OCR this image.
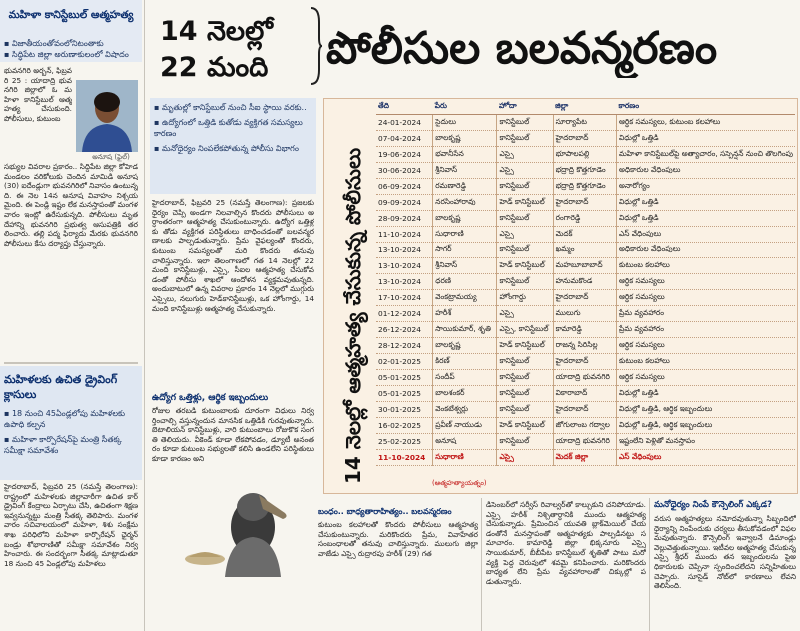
మహిళా కానిస్టేబుల్ ఆత్మహత్య
▪ విజాతీయంతోవంలోనిటంతాకు
▪ సిద్ధిపేట జిల్లా అరుణాకులంలో విషాదం
భువనగిరి అర్బన్, ఫిబ్రవరి 25 : యాదాద్రి భువనగిరి జిల్లాలో ఓ మహిళా కానిస్టేబుల్ ఆత్మహత్య చేసుకుంది. పోలీసులు, కుటుంబ
అనూష (ఫైల్)
సభ్యుల వివరాల ప్రకారం.. సిద్దిపేట జిల్లా కోహెడ మండలం వరికోలుకు చెందిన మామిడి అనూష (30) ఐదేండ్లుగా భువనగిరిలో నివాసం ఉంటున్నది. ఈ నెల 14న అనూష వివాహం నిశ్చయమైంది. ఈ పెండ్లి ఇష్టం లేక మనస్తాపంతో మంగళవారం ఇంట్లో ఉరేసుకున్నది. పోలీసులు మృతదేహాన్ని భువనగిరి ప్రభుత్వ ఆసుపత్రికి తరలించారు. తల్లి పద్మ ఫిర్యాదు మేరకు భువనగిరి పోలీసులు కేసు దర్యాప్తు చేస్తున్నారు.
మహిళలకు ఉచిత డ్రైవింగ్ క్లాసులు
▪ 18 నుంచి 45ఏండ్లలోపు మహిళలకు ఉపాధి కల్పన
▪ మహిళా కార్పొరేషన్‌పై మంత్రి సీతక్క సమీక్షా సమావేశం
హైదరాబాద్, ఫిబ్రవరి 25 (నమస్తే తెలంగాణ): రాష్ట్రంలో మహిళలకు జిల్లావారీగా ఉచిత కార్ డ్రైవింగ్ కేంద్రాలు ఏర్పాటు చేసి, ఉచితంగా శిక్షణ ఇవ్వనున్నట్టు మంత్రి సీతక్క తెలిపారు. మంగళవారం సచివాలయంలో మహిళా, శిశు సంక్షేమ శాఖ పరిధిలోని మహిళా కార్పొరేషన్ ఛైర్మన్ బండ్రు శోభారాణితో సమీక్షా సమావేశం నిర్వహించారు. ఈ సందర్భంగా సీతక్క మాట్లాడుతూ 18 నుంచి 45 ఏండ్లలోపు మహిళలు
14 నెలల్లో
22 మంది	పోలీసుల బలవన్మరణం
▪ మృతుల్లో కానిస్టేబుల్ నుంచి సీఐ స్థాయి వరకు..
▪ ఉద్యోగంలో ఒత్తిడి కుతోడు వ్యక్తిగత సమస్యలు కారణం
▪ మనోధైర్యం నింపలేకపోతున్న పోలీసు విభాగం
హైదరాబాద్, ఫిబ్రవరి 25 (నమస్తే తెలంగాణ): ప్రజలకు ధైర్యం చెప్పి అండగా నిలవాల్సిన కొందరు పోలీసులు అర్ధాంతరంగా ఆత్మహత్య చేసుకుంటున్నారు. ఉద్యోగ ఒత్తిళ్లకు తోడు వ్యక్తిగత పరిస్థితులు బాధించడంతో బలవన్మరణాలకు పాల్పడుతున్నారు. ప్రేమ వైఫల్యంతో కొందరు, కుటుంబ సమస్యలతో మరి కొందరు తనువు చాలిస్తున్నారు. ఇలా తెలంగాణలో గత 14 నెలల్లో 22 మంది కానిస్టేబుళ్లు, ఎస్సై, సీఐల ఆత్మహత్య చేసుకోవడంతో పోలీసు శాఖలో ఆందోళన వ్యక్తమవుతున్నది. అందుబాటులో ఉన్న వివరాల ప్రకారం 14 నెల్లలో ముగ్గురు ఎస్సైలు, నలుగురు హెడ్‌కానిస్టేబుళ్లు, ఒక హోంగార్డు, 14 మంది కానిస్టేబుళ్లు ఆత్మహత్య చేసుకున్నారు.
ఉద్యోగ ఒత్తిళ్లు, ఆర్థిక ఇబ్బందులు
రోజుల తరబడి కుటుంబాలకు దూరంగా విధులు నిర్వర్తించాల్సి వస్తున్నందున మానసిక ఒత్తిడికి గురవుతున్నారు. బెటాలియన్ కానిస్టేబుళ్లు, వారి కుటుంబాలు రోజుకొక సంగతి తెలియదు. వీకెండ్ కూడా లేకపోవడం, డ్యూటీ అనంతరం కూడా కుటుంబ సభ్యులతో కలిసి ఉండలేని పరిస్థితులు కూడా కారణం అని	14 నెలల్లో ఆత్మహత్య చేసుకున్న పోలీసులు
తేది	పేరు	హోదా	జిల్లా	కారణం
24-01-2024	సైదులు	కానిస్టేబుల్	సూర్యాపేట	ఆర్థిక సమస్యలు, కుటుంబ కలహాలు
07-04-2024	బాలకృష్ణ	కానిస్టేబుల్	హైదరాబాద్	విధుల్లో ఒత్తిడి
19-06-2024	భవానీసేన	ఎస్సై	భూపాలపల్లి	మహిళా కానిస్టేబుల్‌పై అత్యాచారం, సస్పెన్షన్ నుంచి తొలగింపు
30-06-2024	శ్రీనివాస్	ఎస్సై	భద్రాద్రి కొత్తగూడెం	అధికారుల వేధింపులు
06-09-2024	రమణారెడ్డి	కానిస్టేబుల్	భద్రాద్రి కొత్తగూడెం	అనారోగ్యం
09-09-2024	నరసింహారావు	హెడ్ కానిస్టేబుల్	హైదరాబాద్	విధుల్లో ఒత్తిడి
28-09-2024	బాలకృష్ణ	కానిస్టేబుల్	రంగారెడ్డి	విధుల్లో ఒత్తిడి
11-10-2024	సుధారాణి	ఎస్సై	మెదక్	ఎస్ వేధింపులు
13-10-2024	సాగర్	కానిస్టేబుల్	ఖమ్మం	అధికారుల వేధింపులు
13-10-2024	శ్రీనివాస్	హెడ్ కానిస్టేబుల్	మహబూబాబాద్	కుటుంబ కలహాలు
13-10-2024	ధరణి	కానిస్టేబుల్	హనుమకొండ	ఆర్థిక సమస్యలు
17-10-2024	వెంకట్రామయ్య	హోంగార్డు	హైదరాబాద్	ఆర్థిక సమస్యలు
01-12-2024	హరీశ్	ఎస్సై	ములుగు	ప్రేమ వ్యవహారం
26-12-2024	సాయికుమార్, శృతి	ఎస్సై, కానిస్టేబుల్	కామారెడ్డి	ప్రేమ వ్యవహారం
28-12-2024	బాలకృష్ణ	హెడ్ కానిస్టేబుల్	రాజన్న సిరిసిల్ల	ఆర్థిక సమస్యలు
02-01-2025	కిరణ్	కానిస్టేబుల్	హైదరాబాద్	కుటుంబ కలహాలు
05-01-2025	సందీప్	కానిస్టేబుల్	యాదాద్రి భువనగిరి	ఆర్థిక సమస్యలు
05-01-2025	బాలశంకర్	కానిస్టేబుల్	వికారాబాద్	విధుల్లో ఒత్తిడి
30-01-2025	వెంకటేశ్వర్లు	కానిస్టేబుల్	హైదరాబాద్	విధుల్లో ఒత్తిడి, ఆర్థిక ఇబ్బందులు
16-02-2025	ప్రవీణ్ నాయుడు	హెడ్ కానిస్టేబుల్	జోగులాంబ గద్వాల	విధుల్లో ఒత్తిడి, ఆర్థిక ఇబ్బందులు
25-02-2025	అనూష	కానిస్టేబుల్	యాదాద్రి భువనగిరి	ఇష్టంలేని పెళ్లితో మనస్తాపం
11-10-2024	సుధారాణి	ఎస్సై	మెదక్ జిల్లా	ఎస్ వేధింపులు
(ఆత్మహత్యాయత్నం)
బంధం.. బాధ్యతారాహిత్యం.. బలవన్మరణం
కుటుంబ కలహాలతో కొందరు పోలీసులు ఆత్మహత్య చేసుకుంటున్నారు. మరికొందరు ప్రేమ, వివాహేతర సంబంధాలతో తనువు చాలిస్తున్నారు. ములుగు జిల్లా వాజేడు ఎస్సై రుద్రారపు హరీశ్ (29) గత
డిసెంబర్‌లో సర్వీస్ రివాల్వర్‌తో కాల్చుకుని చనిపోయాడు. ఎస్సై హరీశ్ నిశ్చితార్థానికి ముందు ఆత్మహత్య చేసుకున్నాడు. ప్రేమించిన యువతి బ్లాక్‌మెయిల్ చేయడంతోనే మనస్తాపంతో ఆత్మహత్యకు పాల్పడినట్టు సమాచారం. కామారెడ్డి జిల్లా భిక్కనూరు ఎస్సై సాయికుమార్, బీబీపేట కానిస్టేబుల్ శృతితో పాటు మరో వ్యక్తి పెద్ద చెరువులో శవమై కనిపించారు. మరికొందరు బాధ్యత లేని ప్రేమ వ్యవహారాలతో చిక్కుల్లో పడుతున్నారు.
మనోధైర్యం నింపే కౌన్సెలింగ్ ఎక్కడ?
వరుస ఆత్మహత్యలు నమోదవుతున్నా సిబ్బందిలో ధైర్యాన్ని నింపేందుకు చర్యలు తీసుకోవడంలో విఫలమవుతున్నారు. కౌన్సెలింగ్ ఇవ్వాలనే డిమాండ్లు వెల్లువెత్తుతున్నాయి. ఇటీవల ఆత్మహత్య చేసుకున్న ఎస్సై శ్రీధర్ ముందు తన ఇబ్బందులను పైఅధికారులకు చెప్పినా స్పందించలేదని సన్నిహితులు చెప్పారు. సూసైడ్ నోట్‌లో కారణాలు లేవని తెలిసింది.
